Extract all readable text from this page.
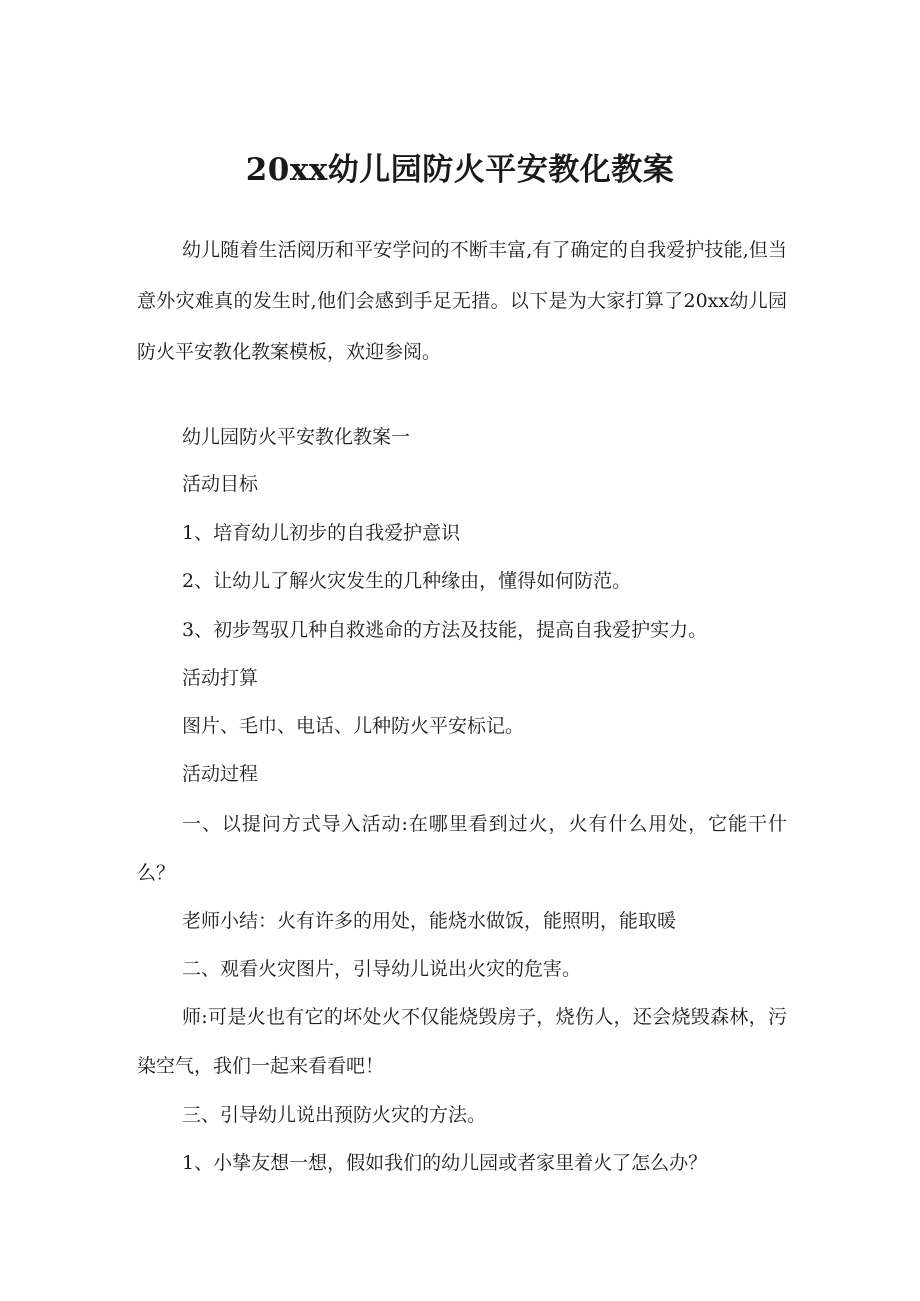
20xx幼儿园防火平安教化教案
幼儿随着生活阅历和平安学问的不断丰富,有了确定的自我爱护技能,但当意外灾难真的发生时,他们会感到手足无措。以下是为大家打算了20xx幼儿园防火平安教化教案模板，欢迎参阅。
幼儿园防火平安教化教案一
活动目标
1、培育幼儿初步的自我爱护意识
2、让幼儿了解火灾发生的几种缘由，懂得如何防范。
3、初步驾驭几种自救逃命的方法及技能，提高自我爱护实力。
活动打算
图片、毛巾、电话、儿种防火平安标记。
活动过程
一、以提问方式导入活动:在哪里看到过火，火有什么用处，它能干什么？
老师小结：火有许多的用处，能烧水做饭，能照明，能取暖
二、观看火灾图片，引导幼儿说出火灾的危害。
师:可是火也有它的坏处火不仅能烧毁房子，烧伤人，还会烧毁森林，污染空气，我们一起来看看吧！
三、引导幼儿说出预防火灾的方法。
1、小挚友想一想，假如我们的幼儿园或者家里着火了怎么办？
